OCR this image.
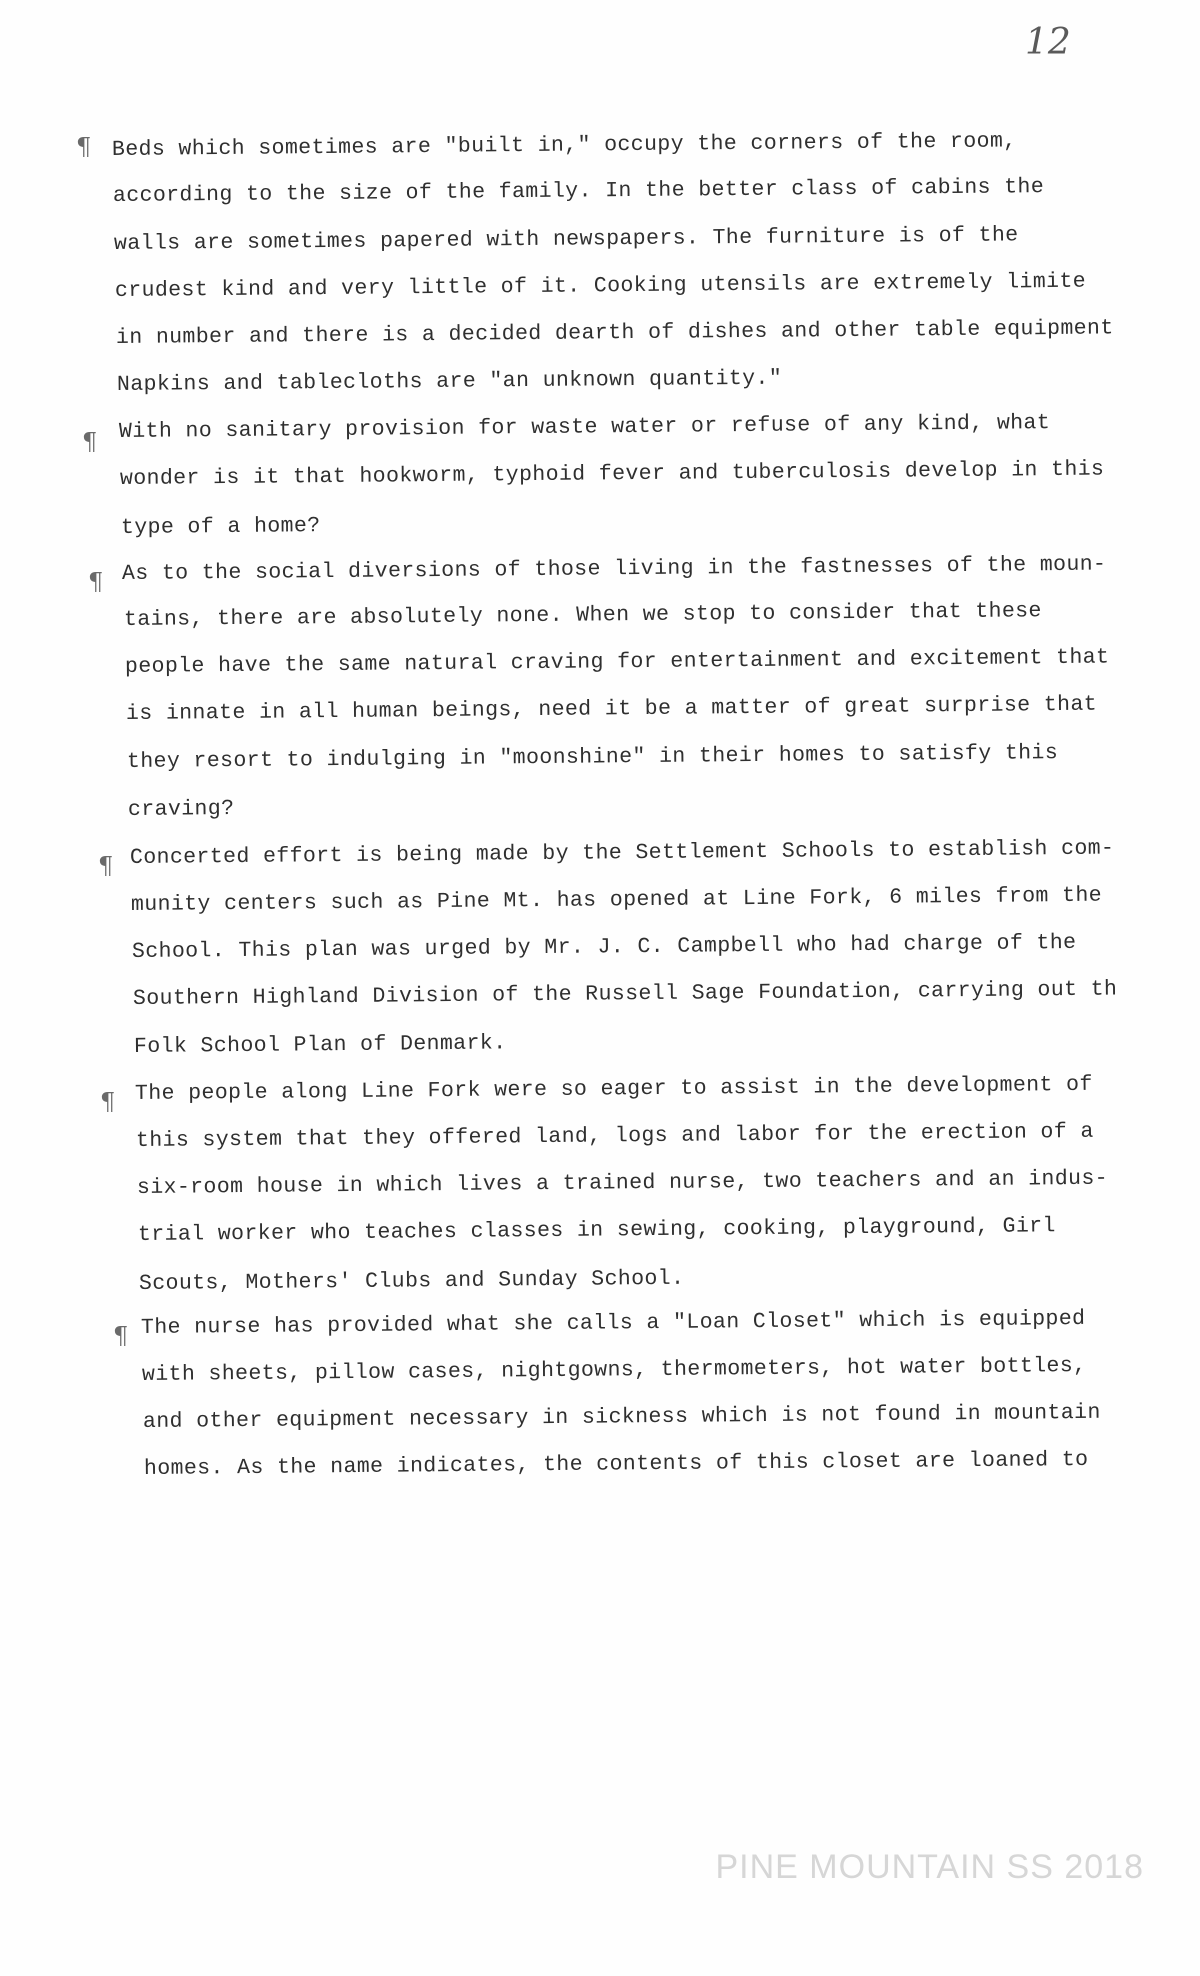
12
¶ Beds which sometimes are "built in," occupy the corners of the room,
according to the size of the family. In the better class of cabins the
walls are sometimes papered with newspapers. The furniture is of the
crudest kind and very little of it. Cooking utensils are extremely limite
in number and there is a decided dearth of dishes and other table equipment
Napkins and tablecloths are "an unknown quantity."
¶ With no sanitary provision for waste water or refuse of any kind, what
wonder is it that hookworm, typhoid fever and tuberculosis develop in this
type of a home?
¶ As to the social diversions of those living in the fastnesses of the moun-
tains, there are absolutely none. When we stop to consider that these
people have the same natural craving for entertainment and excitement that
is innate in all human beings, need it be a matter of great surprise that
they resort to indulging in "moonshine" in their homes to satisfy this
craving?
¶ Concerted effort is being made by the Settlement Schools to establish com-
munity centers such as Pine Mt. has opened at Line Fork, 6 miles from the
School. This plan was urged by Mr. J. C. Campbell who had charge of the
Southern Highland Division of the Russell Sage Foundation, carrying out th
Folk School Plan of Denmark.
¶ The people along Line Fork were so eager to assist in the development of
this system that they offered land, logs and labor for the erection of a
six-room house in which lives a trained nurse, two teachers and an indus-
trial worker who teaches classes in sewing, cooking, playground, Girl
Scouts, Mothers' Clubs and Sunday School.
¶ The nurse has provided what she calls a "Loan Closet" which is equipped
with sheets, pillow cases, nightgowns, thermometers, hot water bottles,
and other equipment necessary in sickness which is not found in mountain
homes. As the name indicates, the contents of this closet are loaned to
PINE MOUNTAIN SS 2018
